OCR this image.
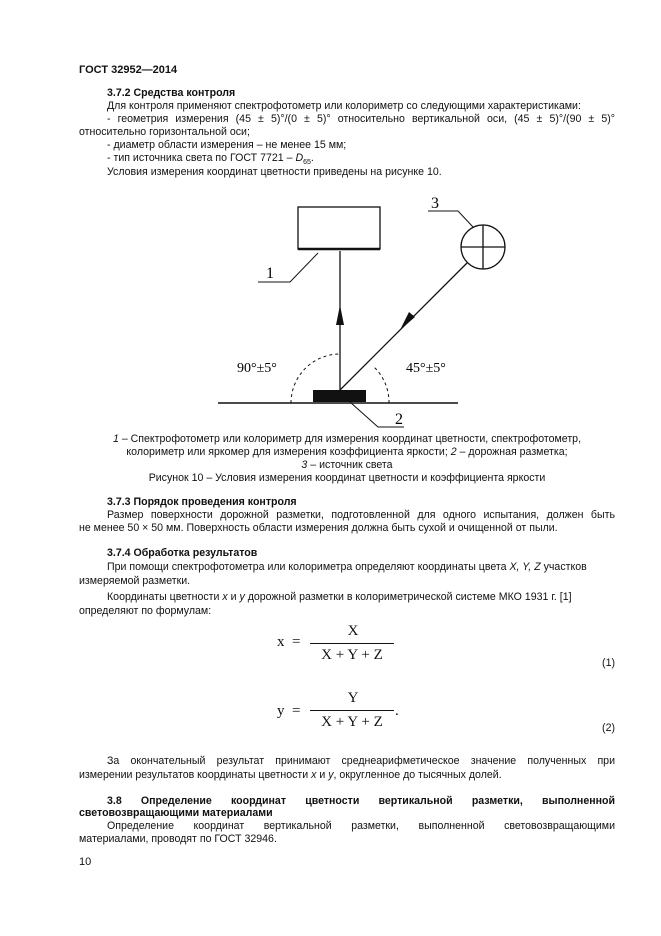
ГОСТ 32952—2014
3.7.2 Средства контроля
Для контроля применяют спектрофотометр или колориметр со следующими характеристиками:
- геометрия измерения (45 ± 5)°/(0 ± 5)° относительно вертикальной оси, (45 ± 5)°/(90 ± 5)°
относительно горизонтальной оси;
- диаметр области измерения – не менее 15 мм;
- тип источника света по ГОСТ $7721 - D_{65}$.
Условия измерения координат цветности приведены на рисунке 10.
1
3
2
90°±5°	45°±5°
1 – Спектрофотометр или колориметр для измерения координат цветности, спектрофотометр,
колориметр или яркомер для измерения коэффициента яркости; 2 – дорожная разметка;
3 – источник света
Рисунок 10 – Условия измерения координат цветности и коэффициента яркости
3.7.3 Порядок проведения контроля
Размер поверхности дорожной разметки, подготовленной для одного испытания, должен быть
не менее 50 × 50 мм. Поверхность области измерения должна быть сухой и очищенной от пыли.
3.7.4 Обработка результатов
При помощи спектрофотометра или колориметра определяют координаты цвета X, Y, Z участков
измеряемой разметки.
Координаты цветности x и y дорожной разметки в колориметрической системе МКО 1931 г. [1]
определяют по формулам:
x =
X
X + Y + Z	(1)
y =
Y
X + Y + Z
.
(2)
За окончательный результат принимают среднеарифметическое значение полученных при
измерении результатов координаты цветности x и y, округленное до тысячных долей.
3.8 Определение координат цветности вертикальной разметки, выполненной
световозвращающими материалами
Определение координат вертикальной разметки, выполненной световозвращающими
материалами, проводят по ГОСТ 32946.
10
